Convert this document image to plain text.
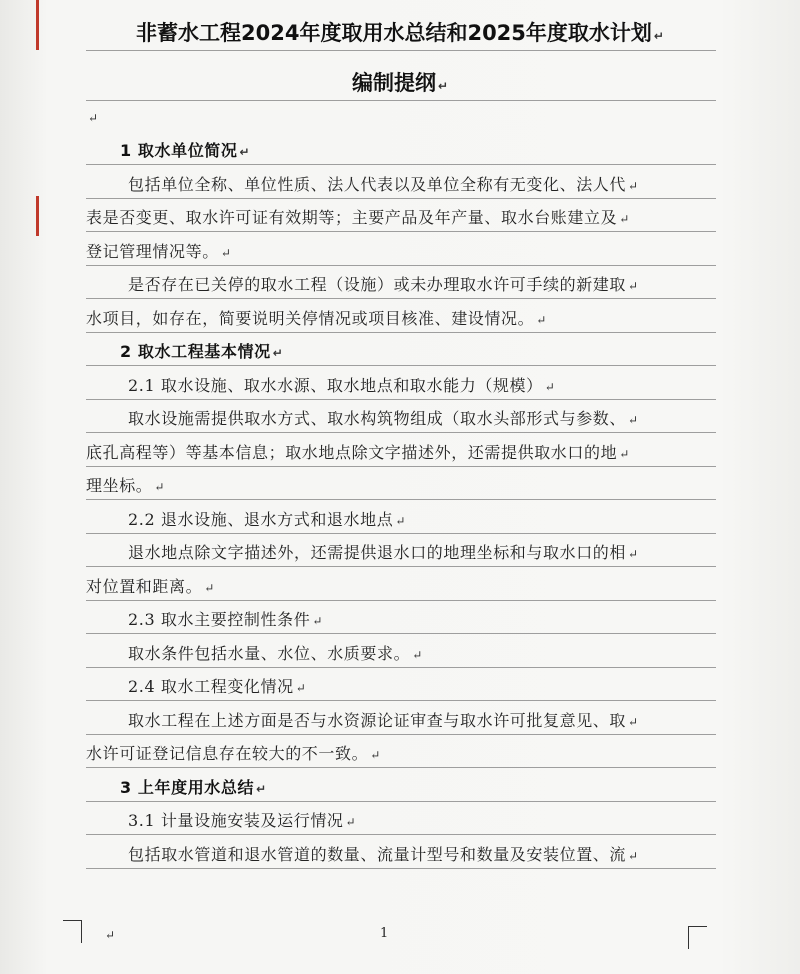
非蓄水工程2024年度取用水总结和2025年度取水计划 ↵
编制提纲 ↵
↵
1 取水单位简况 ↵
包括单位全称、单位性质、法人代表以及单位全称有无变化、法人代 ↵
表是否变更、取水许可证有效期等；主要产品及年产量、取水台账建立及 ↵
登记管理情况等。 ↵
是否存在已关停的取水工程（设施）或未办理取水许可手续的新建取 ↵
水项目，如存在，简要说明关停情况或项目核准、建设情况。 ↵
2 取水工程基本情况 ↵
2.1 取水设施、取水水源、取水地点和取水能力（规模） ↵
取水设施需提供取水方式、取水构筑物组成（取水头部形式与参数、 ↵
底孔高程等）等基本信息；取水地点除文字描述外，还需提供取水口的地 ↵
理坐标。 ↵
2.2 退水设施、退水方式和退水地点 ↵
退水地点除文字描述外，还需提供退水口的地理坐标和与取水口的相 ↵
对位置和距离。 ↵
2.3 取水主要控制性条件 ↵
取水条件包括水量、水位、水质要求。 ↵
2.4 取水工程变化情况 ↵
取水工程在上述方面是否与水资源论证审查与取水许可批复意见、取 ↵
水许可证登记信息存在较大的不一致。 ↵
3 上年度用水总结 ↵
3.1 计量设施安装及运行情况 ↵
包括取水管道和退水管道的数量、流量计型号和数量及安装位置、流 ↵
↵	1
